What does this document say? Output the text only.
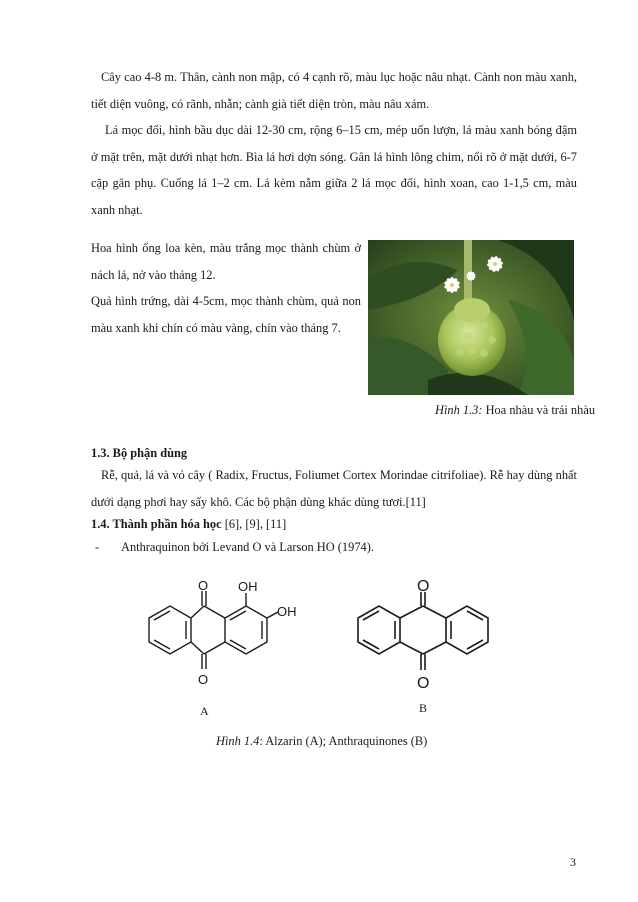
Cây cao 4-8 m. Thân, cành non mập, có 4 cạnh rõ, màu lục hoặc nâu nhạt. Cành non màu xanh, tiết diện vuông, có rãnh, nhẵn; cành già tiết diện tròn, màu nâu xám.

Lá mọc đối, hình bầu dục dài 12-30 cm, rộng 6–15 cm, mép uốn lượn, lá màu xanh bóng đậm ở mặt trên, mặt dưới nhạt hơn. Bìa lá hơi dợn sóng. Gân lá hình lông chim, nổi rõ ở mặt dưới, 6-7 cặp gân phụ. Cuống lá 1–2 cm. Lá kèm nằm giữa 2 lá mọc đối, hình xoan, cao 1-1,5 cm, màu xanh nhạt.

Hoa hình ống loa kèn, màu trắng mọc thành chùm ở nách lá, nở vào tháng 12.

Quả hình trứng, dài 4-5cm, mọc thành chùm, quả non màu xanh khi chín có màu vàng, chín vào tháng 7.

Hình 1.3: Hoa nhàu và trái nhàu
1.3. Bộ phận dùng

Rễ, quả, lá và vỏ cây ( Radix, Fructus, Foliumet Cortex Morindae citrifoliae). Rễ hay dùng nhất dưới dạng phơi hay sấy khô. Các bộ phận dùng khác dùng tươi.[11]

1.4. Thành phần hóa học [6], [9], [11]
- Anthraquinon bởi Levand O và Larson HO (1974).
O OH
OH
O
O
O
A	B
Hình 1.4: Alzarin (A); Anthraquinones (B)
3
